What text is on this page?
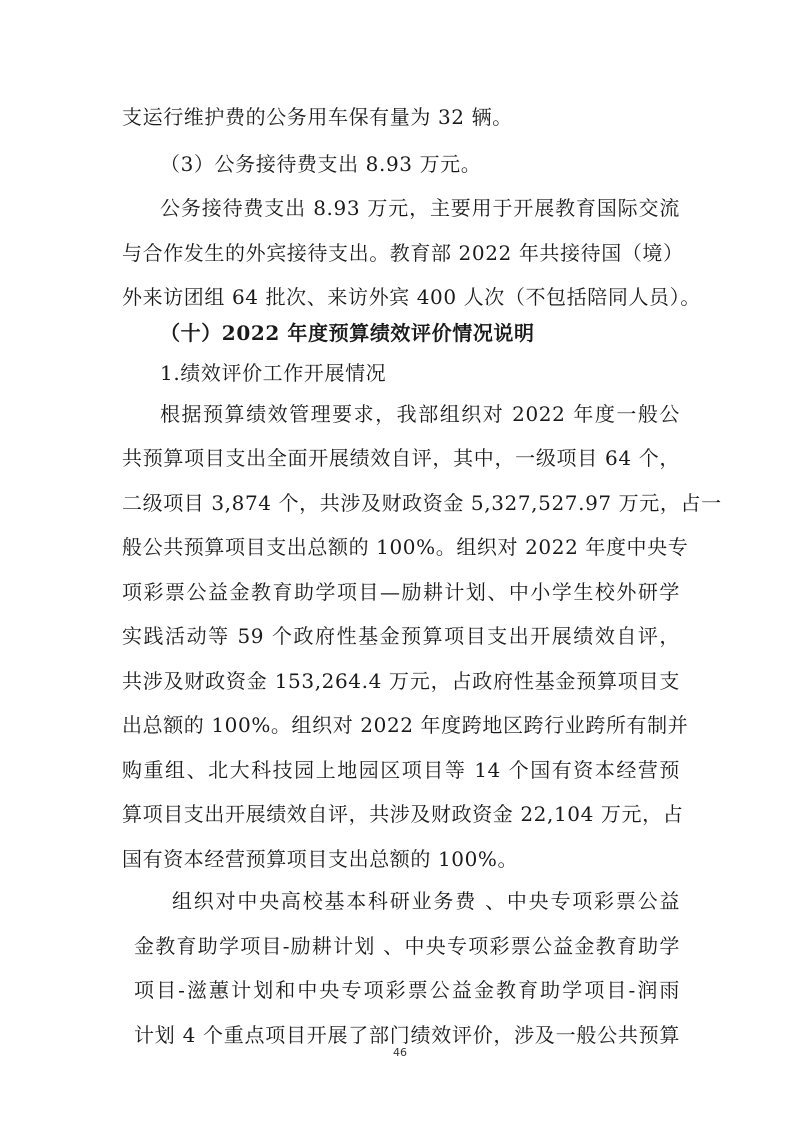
支运行维护费的公务用车保有量为 32 辆。
（3）公务接待费支出 8.93 万元。
公务接待费支出 8.93 万元，主要用于开展教育国际交流
与合作发生的外宾接待支出。教育部 2022 年共接待国（境）
外来访团组 64 批次、来访外宾 400 人次（不包括陪同人员）。
（十）2022 年度预算绩效评价情况说明
1.绩效评价工作开展情况
根据预算绩效管理要求，我部组织对 2022 年度一般公
共预算项目支出全面开展绩效自评，其中，一级项目 64 个，
二级项目 3,874 个，共涉及财政资金 5,327,527.97 万元，占一
般公共预算项目支出总额的 100%。组织对 2022 年度中央专
项彩票公益金教育助学项目—励耕计划、中小学生校外研学
实践活动等 59 个政府性基金预算项目支出开展绩效自评，
共涉及财政资金 153,264.4 万元，占政府性基金预算项目支
出总额的 100%。组织对 2022 年度跨地区跨行业跨所有制并
购重组、北大科技园上地园区项目等 14 个国有资本经营预
算项目支出开展绩效自评，共涉及财政资金 22,104 万元，占
国有资本经营预算项目支出总额的 100%。
组织对中央高校基本科研业务费 、中央专项彩票公益
金教育助学项目-励耕计划 、中央专项彩票公益金教育助学
项目-滋蕙计划和中央专项彩票公益金教育助学项目-润雨
计划 4 个重点项目开展了部门绩效评价，涉及一般公共预算
46
